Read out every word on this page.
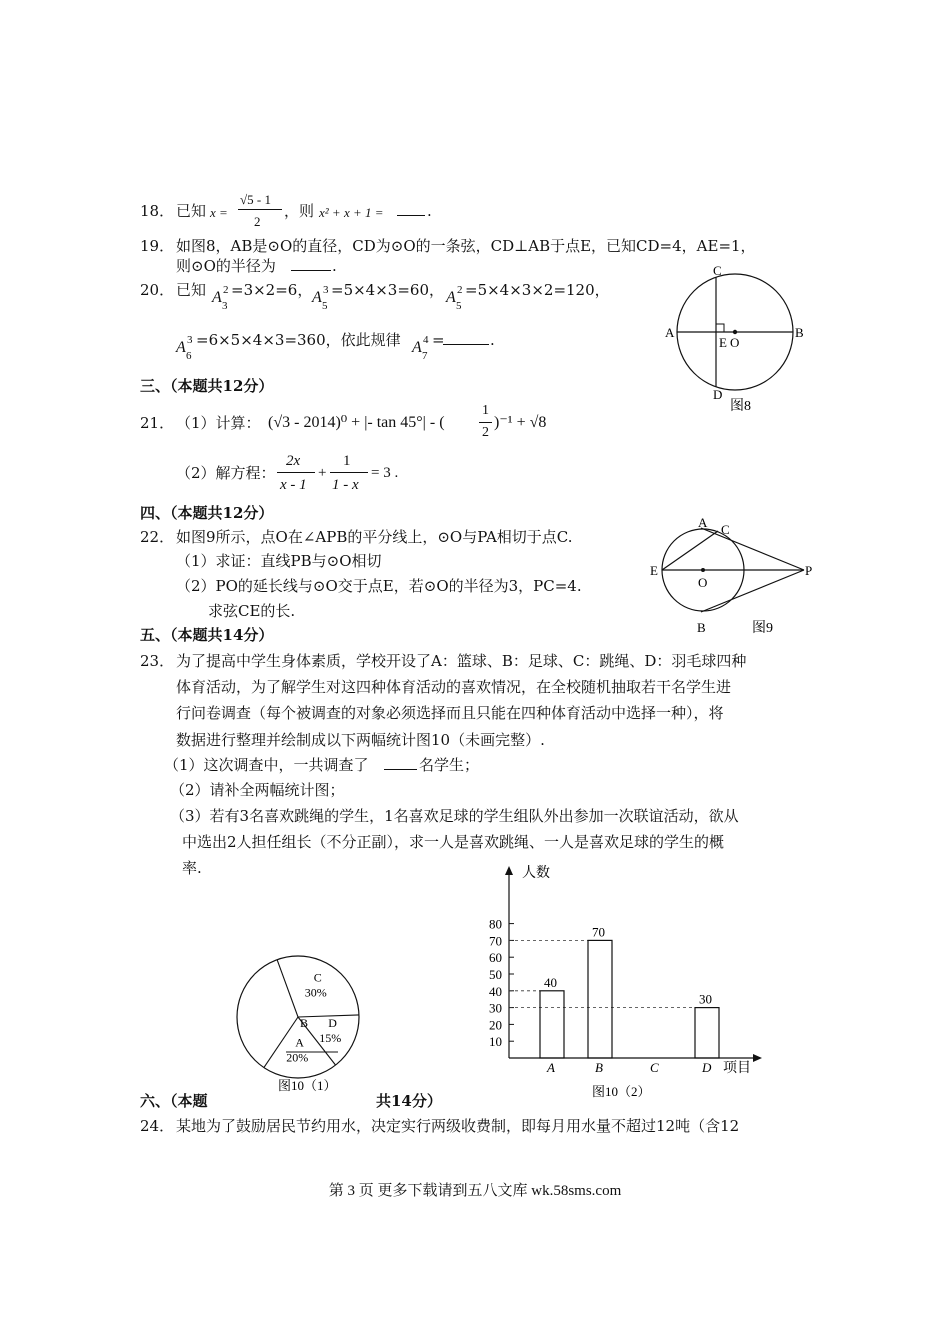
18． 已知 x =
√5 - 1
2
，则 x² + x + 1 =	.
19． 如图8，AB是⊙O的直径，CD为⊙O的一条弦，CD⊥AB于点E，已知CD=4，AE=1，
则⊙O的半径为	.
20． 已知 A 2
3
=3×2=6， A 3
5
=5×4×3=60， A 2
5
=5×4×3×2=120，
A 3
6
=6×5×4×3=360，依此规律 A 4
7
=	.
C
A	B
E O
D
图8
三、（本题共12分）
21． （1）计算： (√3 - 2014)⁰ + |- tan 45°| - (
1
2
)⁻¹ + √8
（2）解方程：
2x
x - 1
+
1
1 - x
= 3 .
四、（本题共12分）
22． 如图9所示，点O在∠APB的平分线上，⊙O与PA相切于点C.
（1）求证：直线PB与⊙O相切
（2）PO的延长线与⊙O交于点E，若⊙O的半径为3，PC=4.
求弦CE的长.
A C
E
O
P
B	图9
五、（本题共14分）
23． 为了提高中学生身体素质，学校开设了A：篮球、B：足球、C：跳绳、D：羽毛球四种
体育活动，为了解学生对这四种体育活动的喜欢情况，在全校随机抽取若干名学生进
行问卷调查（每个被调查的对象必须选择而且只能在四种体育活动中选择一种），将
数据进行整理并绘制成以下两幅统计图10（未画完整）.
（1）这次调查中，一共调查了	名学生；
（2）请补全两幅统计图；
（3）若有3名喜欢跳绳的学生，1名喜欢足球的学生组队外出参加一次联谊活动，欲从
中选出2人担任组长（不分正副），求一人是喜欢跳绳、一人是喜欢足球的学生的概
率.
A
20%
B
C
30%
D
15%
图10（1）
人数
项目
10
20
30
40
50
60
70
80
A	B	C	D
40
70
30
图10（2）
六、（本题	共14分）
24． 某地为了鼓励居民节约用水，决定实行两级收费制，即每月用水量不超过12吨（含12
第 3 页 更多下载请到五八文库 wk.58sms.com
